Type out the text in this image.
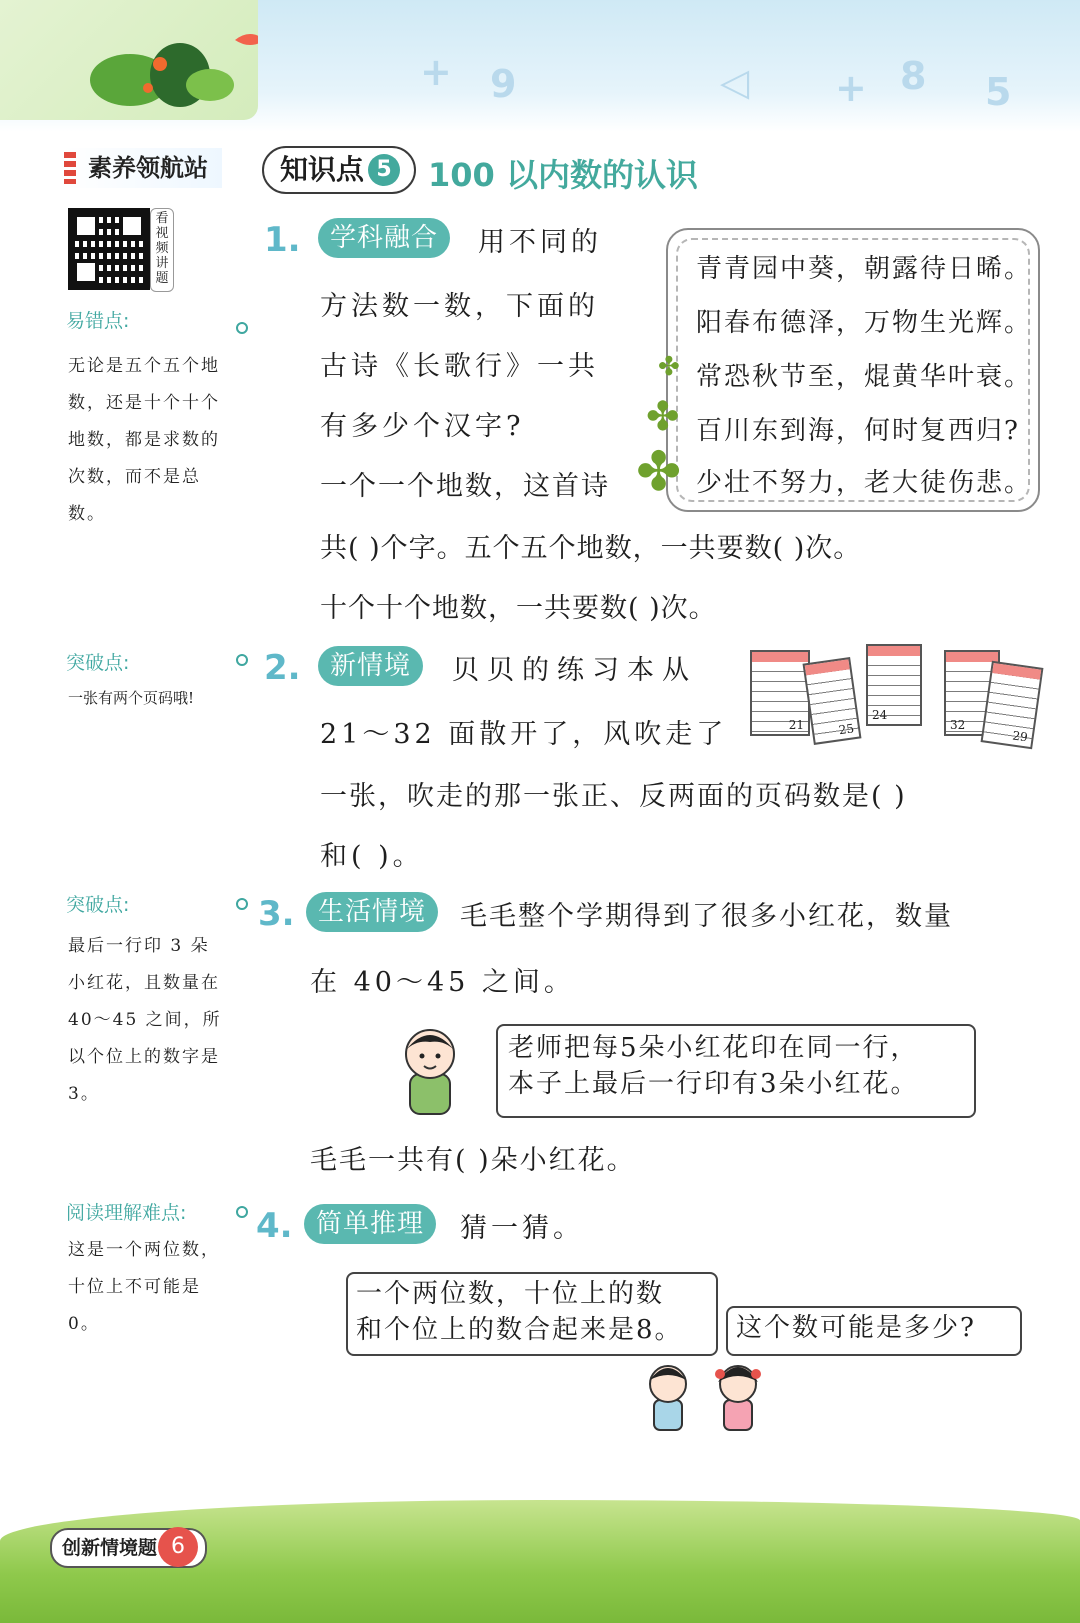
+ 9	◁ + 8 5
素养领航站	知识点 5	100 以内数的认识
看视频讲题
易错点:
无论是五个五个地数，还是十个十个地数，都是求数的次数，而不是总数。
突破点:
一张有两个页码哦!
突破点:
最后一行印 3 朵小红花，且数量在 40～45 之间，所以个位上的数字是 3。
阅读理解难点:
这是一个两位数，十位上不可能是 0。
1.	学科融合	用不同的
方法数一数，下面的
古诗《长歌行》一共
有多少个汉字?
一个一个地数，这首诗
共( )个字。五个五个地数，一共要数( )次。
十个十个地数，一共要数( )次。
青青园中葵，朝露待日晞。
阳春布德泽，万物生光辉。
常恐秋节至，焜黄华叶衰。
百川东到海，何时复西归?
少壮不努力，老大徒伤悲。
✤
✤
✤
2.	新情境	贝贝的练习本从
21～32 面散开了，风吹走了
一张，吹走的那一张正、反两面的页码数是( )
和( )。
21	25
24
32
29
3. 生活情境	毛毛整个学期得到了很多小红花，数量
在 40～45 之间。
老师把每5朵小红花印在同一行，
本子上最后一行印有3朵小红花。
毛毛一共有( )朵小红花。
4. 简单推理	猜一猜。
一个两位数，十位上的数
和个位上的数合起来是8。	这个数可能是多少?
创新情境题 6
